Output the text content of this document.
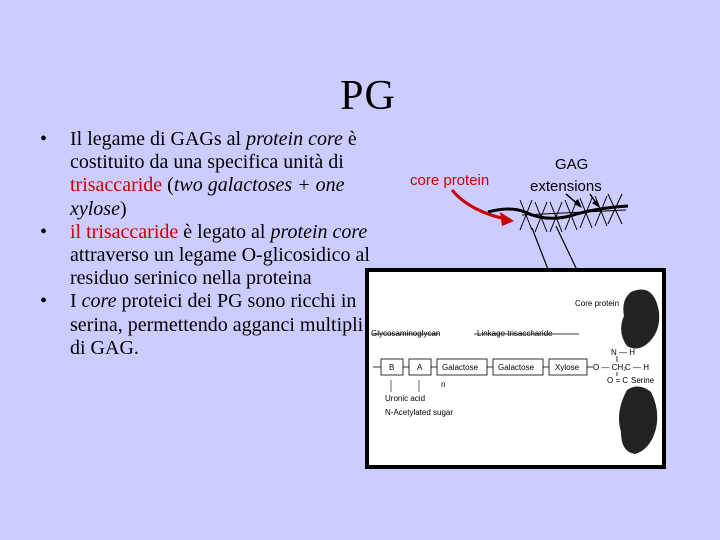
PG
• Il legame di GAGs al protein core è costituito da una specifica unità di trisaccaride (two galactoses + one xylose)
• il trisaccaride è legato al protein core attraverso un legame O-glicosidico al residuo serinico nella proteina
• I core proteici dei PG sono ricchi in serina, permettendo agganci multipli di GAG.
core protein
GAG
extensions
Core protein
Glycosaminoglycan	Linkage trisaccharide
B	A Galactose Galactose	Xylose O — CH₂
N — H
C — H
Serine
O = C
Uronic acid
N-Acetylated sugar
n
